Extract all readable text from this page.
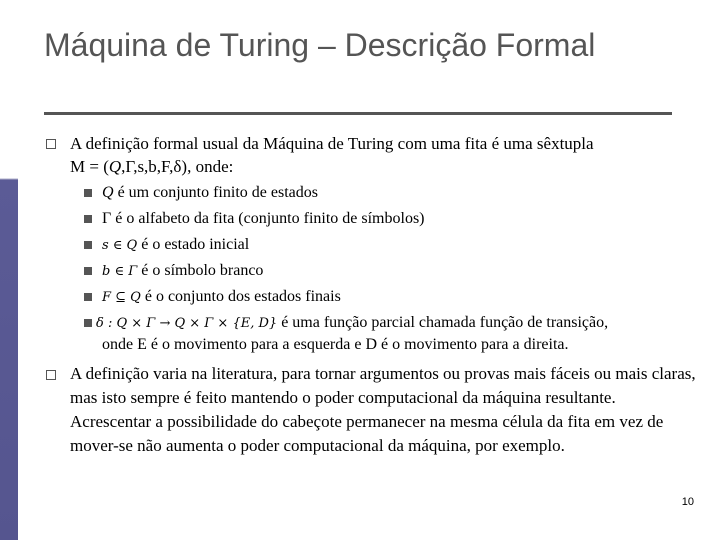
Máquina de Turing – Descrição Formal
A definição formal usual da Máquina de Turing com uma fita é uma sêxtupla
M = (Q,Γ,s,b,F,δ), onde:
Q é um conjunto finito de estados
Γ é o alfabeto da fita (conjunto finito de símbolos)
s ∈ Q é o estado inicial
b ∈ Γ é o símbolo branco
F ⊆ Q é o conjunto dos estados finais
δ : Q × Γ → Q × Γ × {E, D} é uma função parcial chamada função de transição,
onde E é o movimento para a esquerda e D é o movimento para a direita.
A definição varia na literatura, para tornar argumentos ou provas mais fáceis ou mais claras, mas isto sempre é feito mantendo o poder computacional da máquina resultante. Acrescentar a possibilidade do cabeçote permanecer na mesma célula da fita em vez de mover-se não aumenta o poder computacional da máquina, por exemplo.
10
